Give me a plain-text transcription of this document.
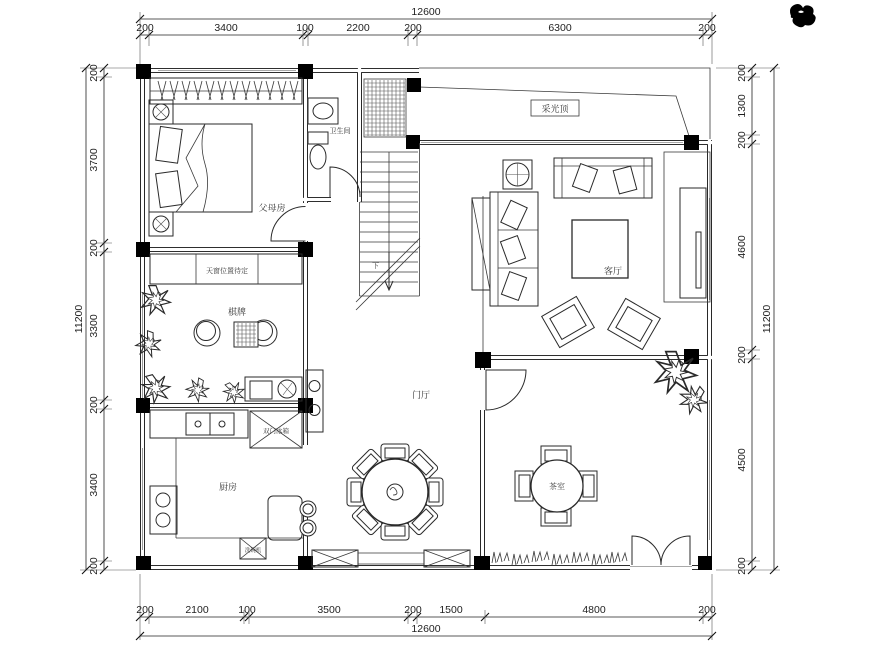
12600
200	3400	100	2200	200	6300	200
200	2100	100	3500	200 1500	4800	200
12600
200
3700
200
3300
200
3400
200
11200
200
1300
200
4600
200
4500
200
11200
下
父母房
卫生间
采光顶
客厅
棋牌
天窗位置待定
厨房
双门冰箱
洗碗机
门厅
茶室
